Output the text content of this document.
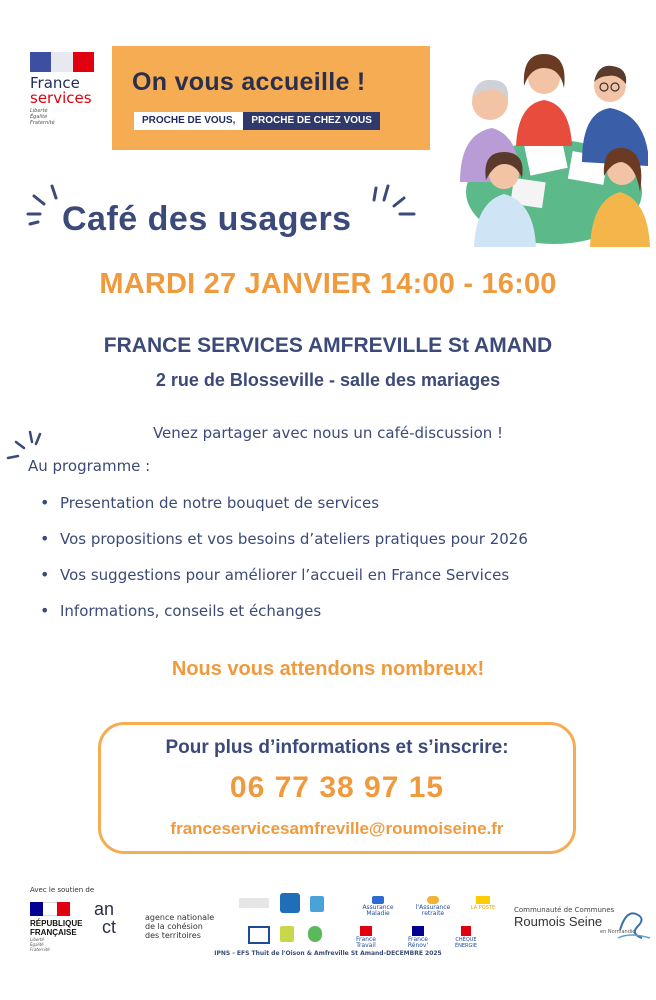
France
services
Liberté
Égalité
Fraternité
On vous accueille !
PROCHE DE VOUS,	PROCHE DE CHEZ VOUS
Café des usagers
MARDI 27 JANVIER 14:00 - 16:00
FRANCE SERVICES AMFREVILLE St AMAND
2 rue de Blosseville - salle des mariages
Venez partager avec nous un café-discussion !
Au programme :
• Presentation de notre bouquet de services
• Vos propositions et vos besoins d’ateliers pratiques pour 2026
• Vos suggestions pour améliorer l’accueil en France Services
• Informations, conseils et échanges
Nous vous attendons nombreux!
Pour plus d’informations et s’inscrire:
06 77 38 97 15
franceservicesamfreville@roumoiseine.fr
Avec le soutien de
RÉPUBLIQUE
FRANÇAISE
Liberté
Égalité
Fraternité
an
ct	agence nationale
de la cohésion
des territoires
Assurance Maladie
l'Assurance retraite
LA POSTE
France Travail
France Rénov'
CHÈQUE ÉNERGIE
Communauté de Communes
Roumois Seine
en Normandie
IPNS - EFS Thuit de l'Oison & Amfreville St Amand-DECEMBRE 2025
